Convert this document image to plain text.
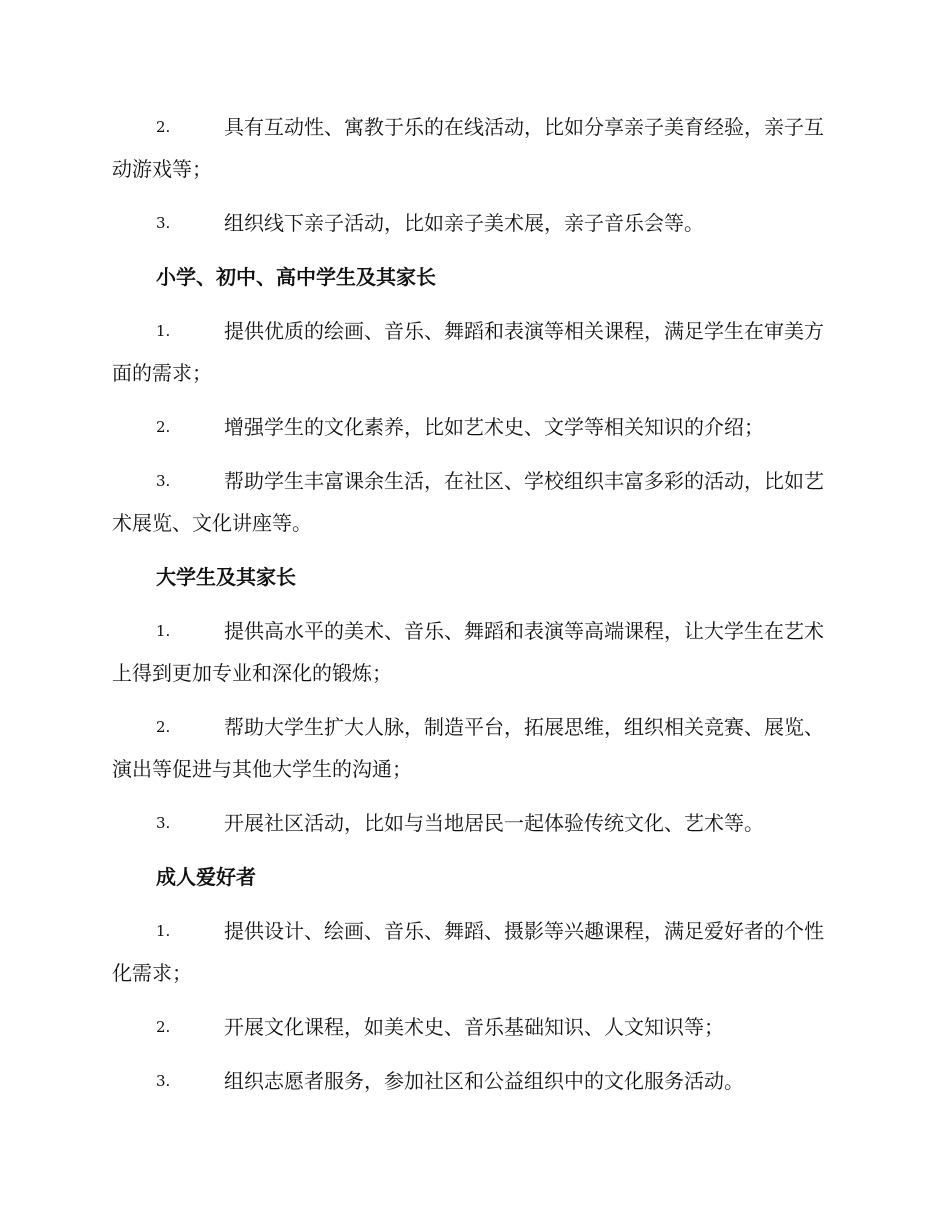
2.	具有互动性、寓教于乐的在线活动，比如分享亲子美育经验，亲子互动游戏等；
3.	组织线下亲子活动，比如亲子美术展，亲子音乐会等。
小学、初中、高中学生及其家长
1.	提供优质的绘画、音乐、舞蹈和表演等相关课程，满足学生在审美方面的需求；
2.	增强学生的文化素养，比如艺术史、文学等相关知识的介绍；
3.	帮助学生丰富课余生活，在社区、学校组织丰富多彩的活动，比如艺术展览、文化讲座等。
大学生及其家长
1.	提供高水平的美术、音乐、舞蹈和表演等高端课程，让大学生在艺术上得到更加专业和深化的锻炼；
2.	帮助大学生扩大人脉，制造平台，拓展思维，组织相关竞赛、展览、演出等促进与其他大学生的沟通；
3.	开展社区活动，比如与当地居民一起体验传统文化、艺术等。
成人爱好者
1.	提供设计、绘画、音乐、舞蹈、摄影等兴趣课程，满足爱好者的个性化需求；
2.	开展文化课程，如美术史、音乐基础知识、人文知识等；
3.	组织志愿者服务，参加社区和公益组织中的文化服务活动。
